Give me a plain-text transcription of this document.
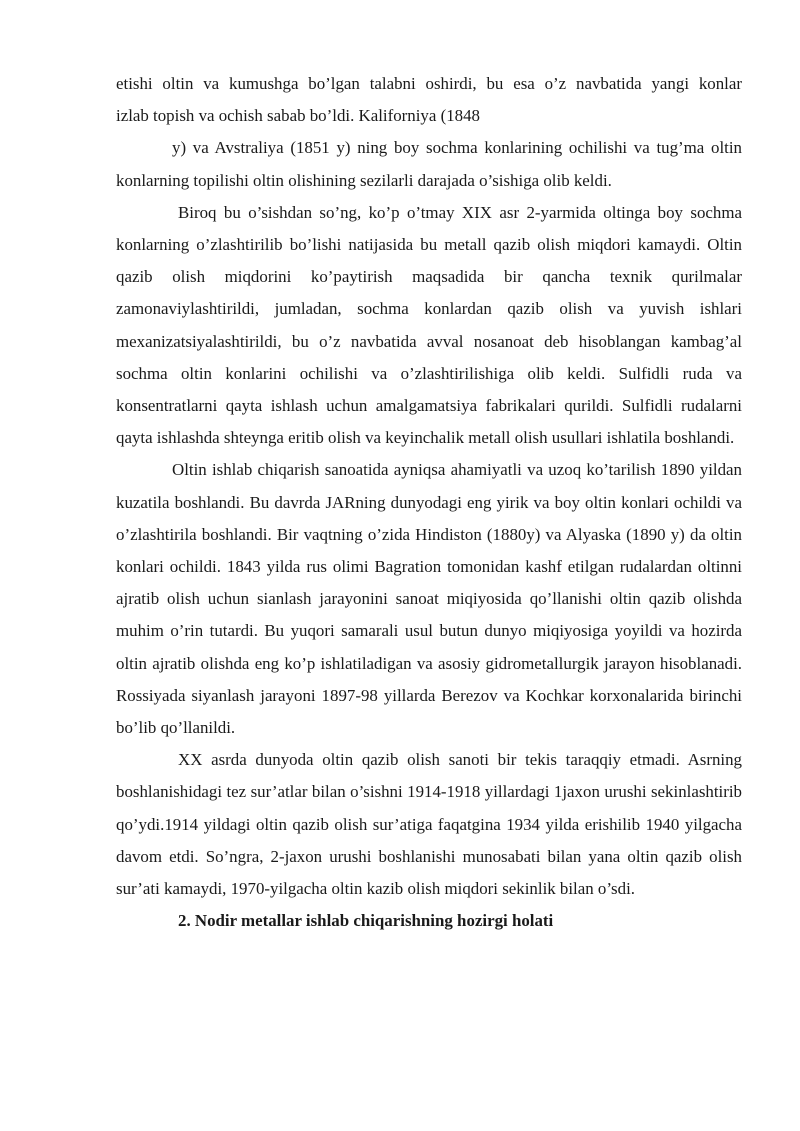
etishi oltin va kumushga bo’lgan talabni oshirdi, bu esa o’z navbatida yangi konlar
izlab topish va ochish sabab bo’ldi. Kaliforniya (1848

y) va Avstraliya (1851 y) ning boy sochma konlarining ochilishi va tug’ma oltin konlarning topilishi oltin olishining sezilarli darajada o’sishiga olib keldi.

Biroq bu o’sishdan so’ng, ko’p o’tmay XIX asr 2-yarmida oltinga boy sochma konlarning o’zlashtirilib bo’lishi natijasida bu metall qazib olish miqdori kamaydi. Oltin qazib olish miqdorini ko’paytirish maqsadida bir qancha texnik qurilmalar zamonaviylashtirildi, jumladan, sochma konlardan qazib olish va yuvish ishlari mexanizatsiyalashtirildi, bu o’z navbatida avval nosanoat deb hisoblangan kambag’al sochma oltin konlarini ochilishi va o’zlashtirilishiga olib keldi. Sulfidli ruda va konsentratlarni qayta ishlash uchun amalgamatsiya fabrikalari qurildi. Sulfidli rudalarni qayta ishlashda shteynga eritib olish va keyinchalik metall olish usullari ishlatila boshlandi.

Oltin ishlab chiqarish sanoatida ayniqsa ahamiyatli va uzoq ko’tarilish 1890 yildan kuzatila boshlandi. Bu davrda JARning dunyodagi eng yirik va boy oltin konlari ochildi va o’zlashtirila boshlandi. Bir vaqtning o’zida Hindiston (1880y) va Alyaska (1890 y) da oltin konlari ochildi. 1843 yilda rus olimi Bagration tomonidan kashf etilgan rudalardan oltinni ajratib olish uchun sianlash jarayonini sanoat miqiyosida qo’llanishi oltin qazib olishda muhim o’rin tutardi. Bu yuqori samarali usul butun dunyo miqiyosiga yoyildi va hozirda oltin ajratib olishda eng ko’p ishlatiladigan va asosiy gidrometallurgik jarayon hisoblanadi. Rossiyada siyanlash jarayoni 1897-98 yillarda Berezov va Kochkar korxonalarida birinchi bo’lib qo’llanildi.

XX asrda dunyoda oltin qazib olish sanoti bir tekis taraqqiy etmadi. Asrning boshlanishidagi tez sur’atlar bilan o’sishni 1914-1918 yillardagi 1jaxon urushi sekinlashtirib qo’ydi.1914 yildagi oltin qazib olish sur’atiga faqatgina 1934 yilda erishilib 1940 yilgacha davom etdi. So’ngra, 2-jaxon urushi boshlanishi munosabati bilan yana oltin qazib olish sur’ati kamaydi, 1970-yilgacha oltin kazib olish miqdori sekinlik bilan o’sdi.

2. Nodir metallar ishlab chiqarishning hozirgi holati
